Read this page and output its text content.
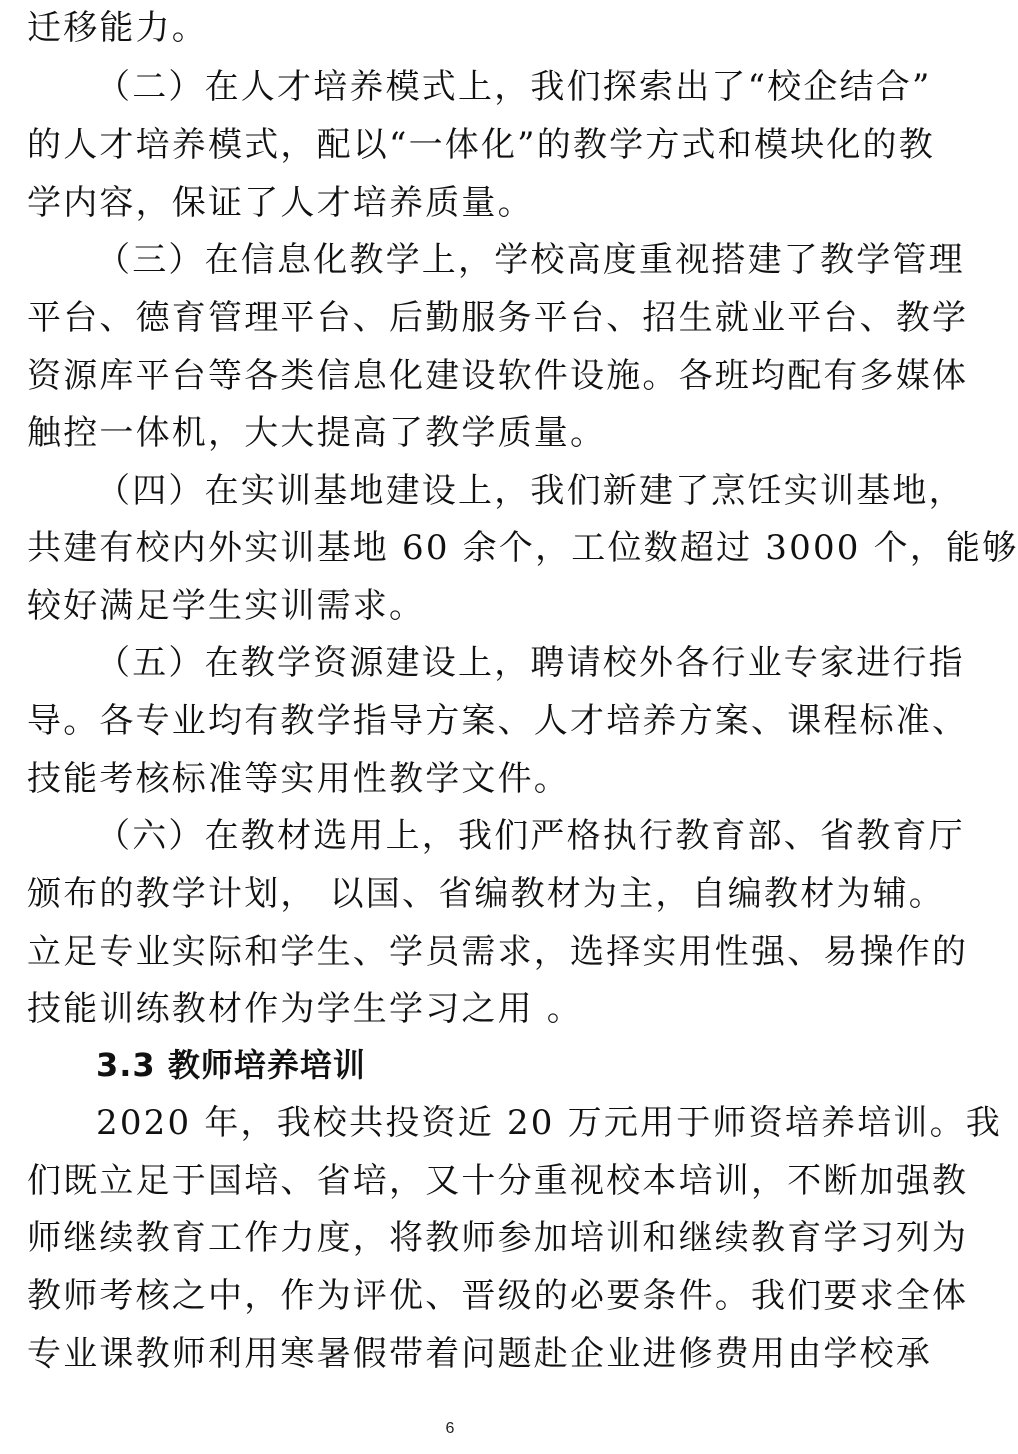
迁移能力。
（二）在人才培养模式上，我们探索出了“校企结合”
的人才培养模式，配以“一体化”的教学方式和模块化的教
学内容，保证了人才培养质量。
（三）在信息化教学上，学校高度重视搭建了教学管理
平台、德育管理平台、后勤服务平台、招生就业平台、教学
资源库平台等各类信息化建设软件设施。各班均配有多媒体
触控一体机，大大提高了教学质量。
（四）在实训基地建设上，我们新建了烹饪实训基地，
共建有校内外实训基地 60 余个，工位数超过 3000 个，能够
较好满足学生实训需求。
（五）在教学资源建设上，聘请校外各行业专家进行指
导。各专业均有教学指导方案、人才培养方案、课程标准、
技能考核标准等实用性教学文件。
（六）在教材选用上，我们严格执行教育部、省教育厅
颁布的教学计划， 以国、省编教材为主，自编教材为辅。
立足专业实际和学生、学员需求，选择实用性强、易操作的
技能训练教材作为学生学习之用 。
3.3 教师培养培训
2020 年，我校共投资近 20 万元用于师资培养培训。我
们既立足于国培、省培，又十分重视校本培训，不断加强教
师继续教育工作力度，将教师参加培训和继续教育学习列为
教师考核之中，作为评优、晋级的必要条件。我们要求全体
专业课教师利用寒暑假带着问题赴企业进修费用由学校承
6
